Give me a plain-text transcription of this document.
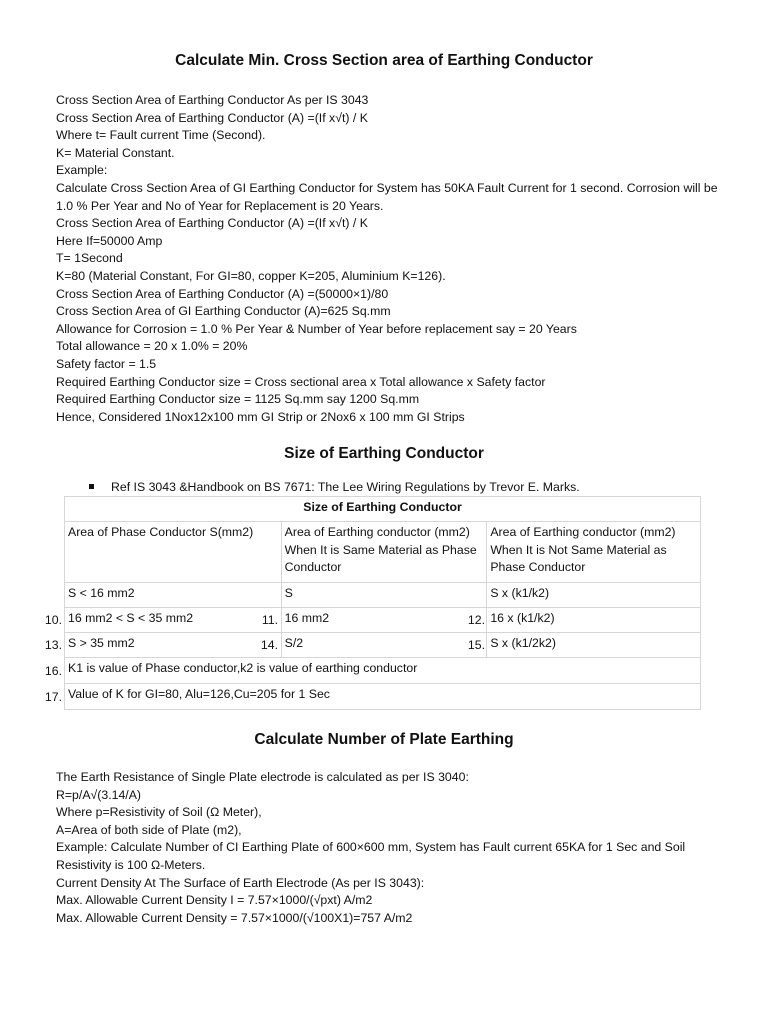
Calculate Min. Cross Section area of Earthing Conductor
Cross Section Area of Earthing Conductor As per IS 3043
Cross Section Area of Earthing Conductor (A) =(If x√t) / K
Where t= Fault current Time (Second).
K= Material Constant.
Example:
Calculate Cross Section Area of GI Earthing Conductor for System has 50KA Fault Current for 1 second. Corrosion will be 1.0 % Per Year and No of Year for Replacement is 20 Years.
Cross Section Area of Earthing Conductor (A) =(If x√t) / K
Here If=50000 Amp
T= 1Second
K=80 (Material Constant, For GI=80, copper K=205, Aluminium K=126).
Cross Section Area of Earthing Conductor (A) =(50000×1)/80
Cross Section Area of GI Earthing Conductor (A)=625 Sq.mm
Allowance for Corrosion = 1.0 % Per Year & Number of Year before replacement say = 20 Years
Total allowance = 20 x 1.0% = 20%
Safety factor = 1.5
Required Earthing Conductor size = Cross sectional area x Total allowance x Safety factor
Required Earthing Conductor size = 1125 Sq.mm say 1200 Sq.mm
Hence, Considered 1Nox12x100 mm GI Strip or 2Nox6 x 100 mm GI Strips
Size of Earthing Conductor
Ref IS 3043 &Handbook on BS 7671: The Lee Wiring Regulations by Trevor E. Marks.
Size of Earthing Conductor		
Area of Phase Conductor S(mm2)	Area of Earthing conductor (mm2) When It is Same Material as Phase Conductor	Area of Earthing conductor (mm2) When It is Not Same Material as Phase Conductor
S < 16 mm2	S	S x (k1/k2)
16 mm2 < S < 35 mm2	16 mm2	16 x (k1/k2)
S > 35 mm2	S/2	S x (k1/2k2)
K1 is value of Phase conductor,k2 is value of earthing conductor		
Value of K for GI=80, Alu=126,Cu=205 for 1 Sec		
10.	11.	12.
13.	14.	15.
16.
17.
Calculate Number of Plate Earthing
The Earth Resistance of Single Plate electrode is calculated as per IS 3040:
R=p/A√(3.14/A)
Where p=Resistivity of Soil (Ω Meter),
A=Area of both side of Plate (m2),
Example: Calculate Number of CI Earthing Plate of 600×600 mm, System has Fault current 65KA for 1 Sec and Soil Resistivity is 100 Ω-Meters.
Current Density At The Surface of Earth Electrode (As per IS 3043):
Max. Allowable Current Density I = 7.57×1000/(√pxt) A/m2
Max. Allowable Current Density = 7.57×1000/(√100X1)=757 A/m2
